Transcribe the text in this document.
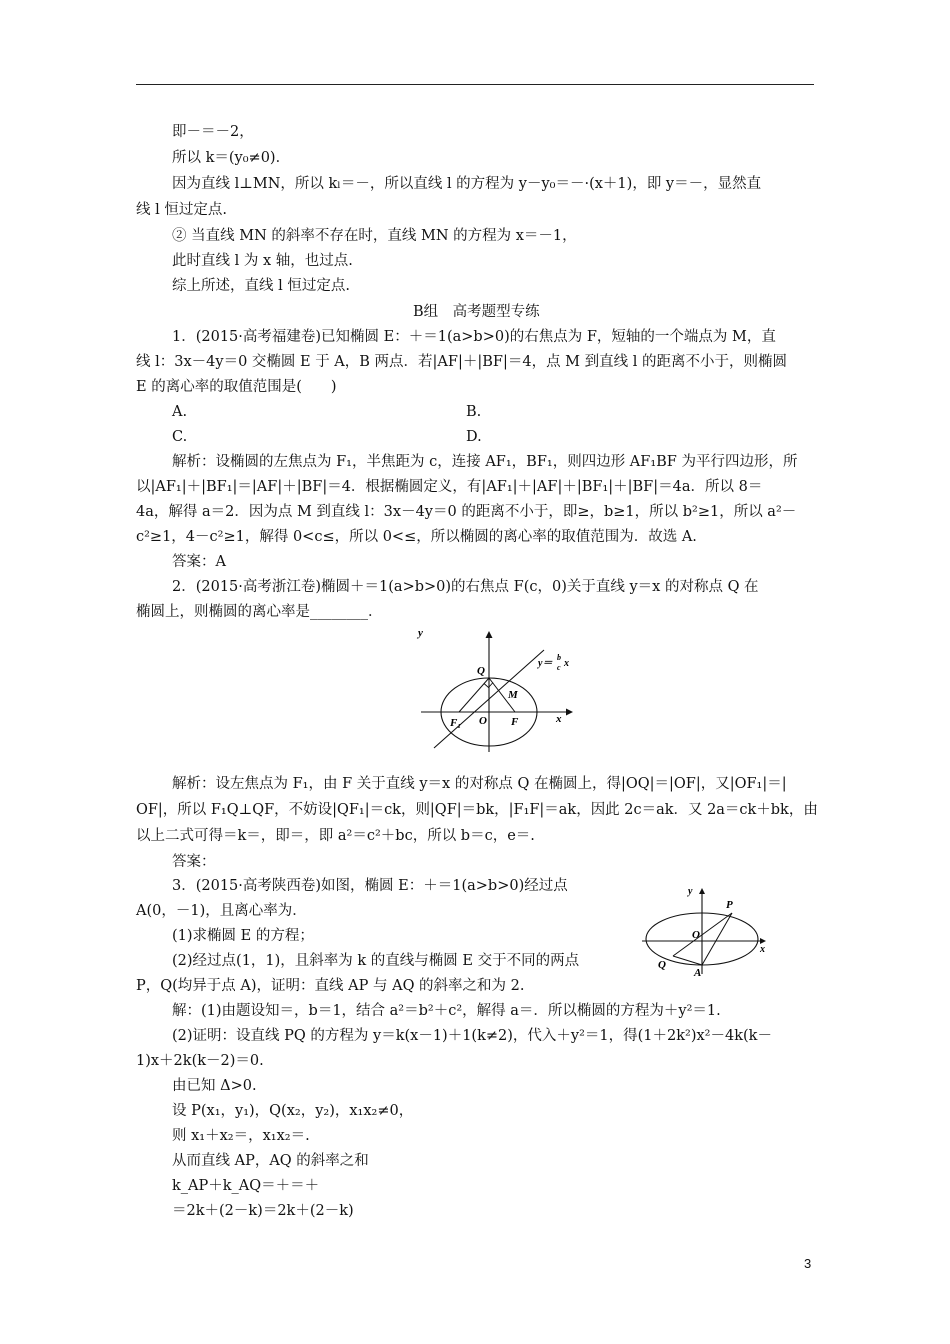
即－＝－2，
所以 k＝(y₀≠0)．
因为直线 l⊥MN，所以 kₗ＝－，所以直线 l 的方程为 y－y₀＝－·(x＋1)，即 y＝－，显然直
线 l 恒过定点.
② 当直线 MN 的斜率不存在时，直线 MN 的方程为 x＝－1，
此时直线 l 为 x 轴，也过点.
综上所述，直线 l 恒过定点.
B组　高考题型专练
1．(2015·高考福建卷)已知椭圆 E：＋＝1(a>b>0)的右焦点为 F，短轴的一个端点为 M，直
线 l：3x－4y＝0 交椭圆 E 于 A，B 两点．若|AF|＋|BF|＝4，点 M 到直线 l 的距离不小于，则椭圆
E 的离心率的取值范围是(　　)
A.	B.
C.	D.
解析：设椭圆的左焦点为 F₁，半焦距为 c，连接 AF₁，BF₁，则四边形 AF₁BF 为平行四边形，所
以|AF₁|＋|BF₁|＝|AF|＋|BF|＝4．根据椭圆定义，有|AF₁|＋|AF|＋|BF₁|＋|BF|＝4a．所以 8＝
4a，解得 a＝2．因为点 M 到直线 l：3x－4y＝0 的距离不小于，即≥，b≥1，所以 b²≥1，所以 a²－
c²≥1，4－c²≥1，解得 0<c≤，所以 0<≤，所以椭圆的离心率的取值范围为．故选 A.
答案：A
2．(2015·高考浙江卷)椭圆＋＝1(a>b>0)的右焦点 F(c，0)关于直线 y＝x 的对称点 Q 在
椭圆上，则椭圆的离心率是________．
y
x
y＝
b
c x
Q
M
F₁ O F
解析：设左焦点为 F₁，由 F 关于直线 y＝x 的对称点 Q 在椭圆上，得|OQ|＝|OF|，又|OF₁|＝|
OF|，所以 F₁Q⊥QF，不妨设|QF₁|＝ck，则|QF|＝bk，|F₁F|＝ak，因此 2c＝ak．又 2a＝ck＋bk，由
以上二式可得＝k＝，即＝，即 a²＝c²＋bc，所以 b＝c，e＝.
答案：
3．(2015·高考陕西卷)如图，椭圆 E：＋＝1(a>b>0)经过点
A(0，－1)，且离心率为．
(1)求椭圆 E 的方程；
(2)经过点(1，1)，且斜率为 k 的直线与椭圆 E 交于不同的两点
P，Q(均异于点 A)，证明：直线 AP 与 AQ 的斜率之和为 2.
y
x
P
O
Q
A
解：(1)由题设知＝，b＝1，结合 a²＝b²＋c²，解得 a＝．所以椭圆的方程为＋y²＝1.
(2)证明：设直线 PQ 的方程为 y＝k(x－1)＋1(k≠2)，代入＋y²＝1，得(1＋2k²)x²－4k(k－
1)x＋2k(k－2)＝0.
由已知 Δ>0.
设 P(x₁，y₁)，Q(x₂，y₂)，x₁x₂≠0，
则 x₁＋x₂＝，x₁x₂＝.
从而直线 AP，AQ 的斜率之和
k_AP＋k_AQ＝＋＝＋
＝2k＋(2－k)＝2k＋(2－k)
3
